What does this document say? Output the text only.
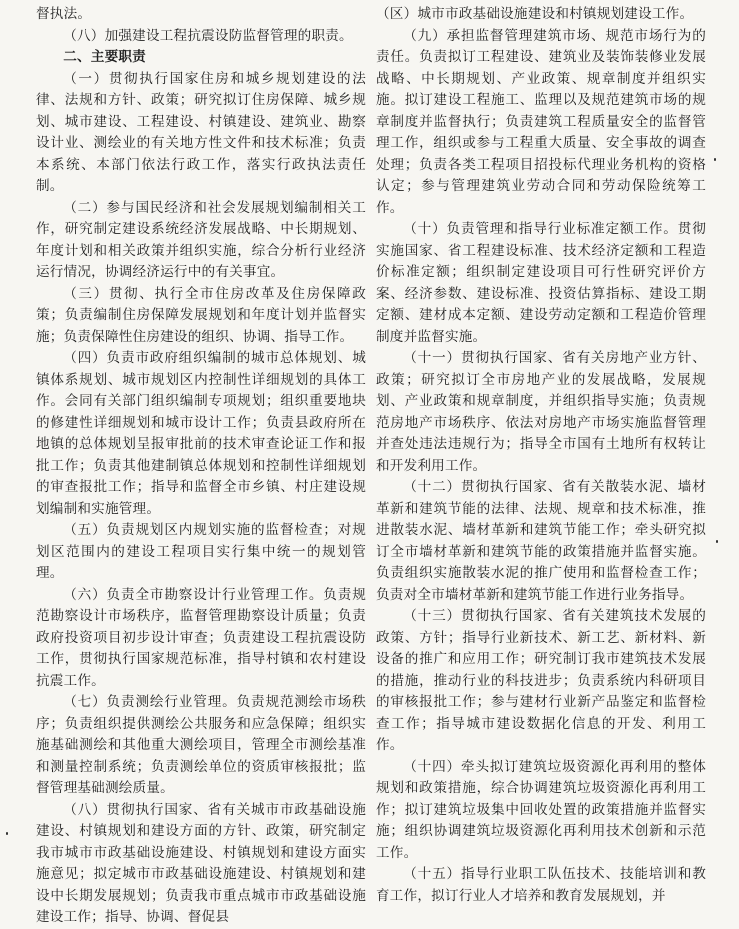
督执法。

（八）加强建设工程抗震设防监督管理的职责。

二、主要职责

（一）贯彻执行国家住房和城乡规划建设的法律、法规和方针、政策；研究拟订住房保障、城乡规划、城市建设、工程建设、村镇建设、建筑业、勘察设计业、测绘业的有关地方性文件和技术标准；负责本系统、本部门依法行政工作，落实行政执法责任制。

（二）参与国民经济和社会发展规划编制相关工作，研究制定建设系统经济发展战略、中长期规划、年度计划和相关政策并组织实施，综合分析行业经济运行情况，协调经济运行中的有关事宜。

（三）贯彻、执行全市住房改革及住房保障政策；负责编制住房保障发展规划和年度计划并监督实施；负责保障性住房建设的组织、协调、指导工作。

（四）负责市政府组织编制的城市总体规划、城镇体系规划、城市规划区内控制性详细规划的具体工作。会同有关部门组织编制专项规划；组织重要地块的修建性详细规划和城市设计工作；负责县政府所在地镇的总体规划呈报审批前的技术审查论证工作和报批工作；负责其他建制镇总体规划和控制性详细规划的审查报批工作；指导和监督全市乡镇、村庄建设规划编制和实施管理。

（五）负责规划区内规划实施的监督检查；对规划区范围内的建设工程项目实行集中统一的规划管理。

（六）负责全市勘察设计行业管理工作。负责规范勘察设计市场秩序，监督管理勘察设计质量；负责政府投资项目初步设计审查；负责建设工程抗震设防工作，贯彻执行国家规范标准，指导村镇和农村建设抗震工作。

（七）负责测绘行业管理。负责规范测绘市场秩序；负责组织提供测绘公共服务和应急保障；组织实施基础测绘和其他重大测绘项目，管理全市测绘基准和测量控制系统；负责测绘单位的资质审核报批；监督管理基础测绘质量。

（八）贯彻执行国家、省有关城市市政基础设施建设、村镇规划和建设方面的方针、政策，研究制定我市城市市政基础设施建设、村镇规划和建设方面实施意见；拟定城市市政基础设施建设、村镇规划和建设中长期发展规划；负责我市重点城市市政基础设施建设工作；指导、协调、督促县

（区）城市市政基础设施建设和村镇规划建设工作。

（九）承担监督管理建筑市场、规范市场行为的责任。负责拟订工程建设、建筑业及装饰装修业发展战略、中长期规划、产业政策、规章制度并组织实施。拟订建设工程施工、监理以及规范建筑市场的规章制度并监督执行；负责建筑工程质量安全的监督管理工作，组织或参与工程重大质量、安全事故的调查处理；负责各类工程项目招投标代理业务机构的资格认定；参与管理建筑业劳动合同和劳动保险统筹工作。

（十）负责管理和指导行业标准定额工作。贯彻实施国家、省工程建设标准、技术经济定额和工程造价标准定额；组织制定建设项目可行性研究评价方案、经济参数、建设标准、投资估算指标、建设工期定额、建材成本定额、建设劳动定额和工程造价管理制度并监督实施。

（十一）贯彻执行国家、省有关房地产业方针、政策；研究拟订全市房地产业的发展战略，发展规划、产业政策和规章制度，并组织指导实施；负责规范房地产市场秩序、依法对房地产市场实施监督管理并查处违法违规行为；指导全市国有土地所有权转让和开发利用工作。

（十二）贯彻执行国家、省有关散装水泥、墙材革新和建筑节能的法律、法规、规章和技术标准，推进散装水泥、墙材革新和建筑节能工作；牵头研究拟订全市墙材革新和建筑节能的政策措施并监督实施。负责组织实施散装水泥的推广使用和监督检查工作；负责对全市墙材革新和建筑节能工作进行业务指导。

（十三）贯彻执行国家、省有关建筑技术发展的政策、方针；指导行业新技术、新工艺、新材料、新设备的推广和应用工作；研究制订我市建筑技术发展的措施，推动行业的科技进步；负责系统内科研项目的审核报批工作；参与建材行业新产品鉴定和监督检查工作；指导城市建设数据化信息的开发、利用工作。

（十四）牵头拟订建筑垃圾资源化再利用的整体规划和政策措施，综合协调建筑垃圾资源化再利用工作；拟订建筑垃圾集中回收处置的政策措施并监督实施；组织协调建筑垃圾资源化再利用技术创新和示范工作。

（十五）指导行业职工队伍技术、技能培训和教育工作，拟订行业人才培养和教育发展规划，并
